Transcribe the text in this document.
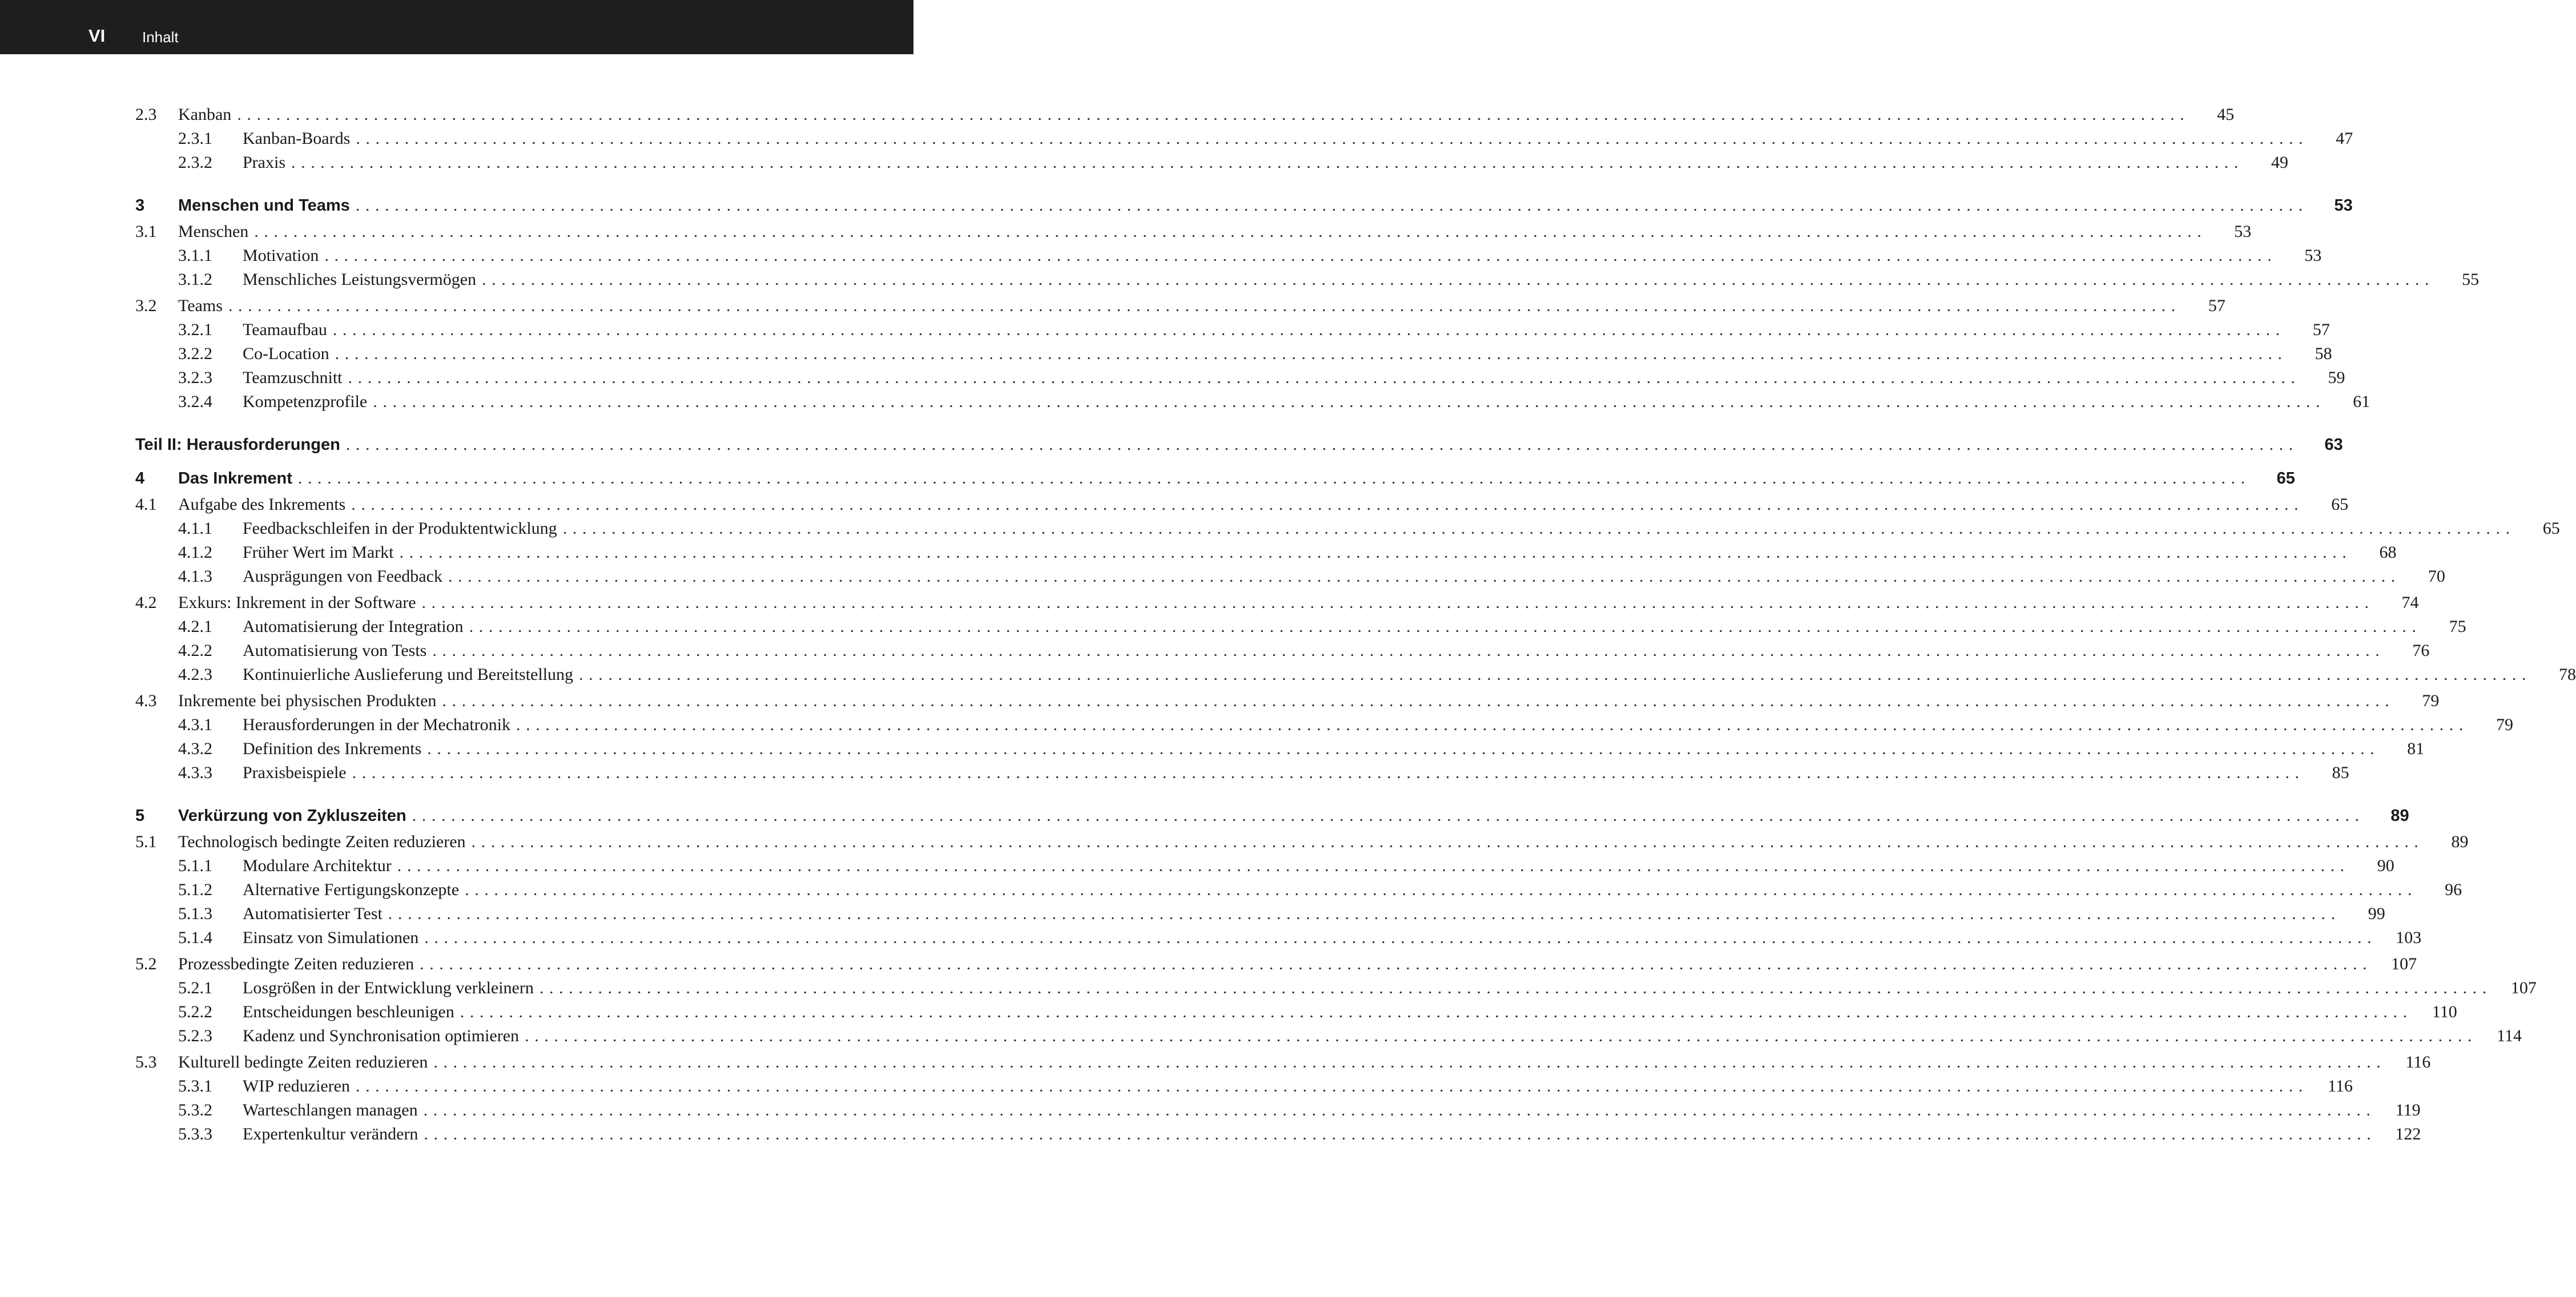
VI Inhalt
2.3	Kanban ........................................................................................................................................................................................................	45
2.3.1	Kanban-Boards ........................................................................................................................................................................................................	47
2.3.2	Praxis ........................................................................................................................................................................................................	49
3	Menschen und Teams ........................................................................................................................................................................................................	53
3.1	Menschen ........................................................................................................................................................................................................	53
3.1.1	Motivation ........................................................................................................................................................................................................	53
3.1.2	Menschliches Leistungsvermögen ........................................................................................................................................................................................................	55
3.2	Teams ........................................................................................................................................................................................................	57
3.2.1	Teamaufbau ........................................................................................................................................................................................................	57
3.2.2	Co-Location ........................................................................................................................................................................................................	58
3.2.3	Teamzuschnitt ........................................................................................................................................................................................................	59
3.2.4	Kompetenzprofile ........................................................................................................................................................................................................	61
Teil II: Herausforderungen ........................................................................................................................................................................................................	63
4	Das Inkrement ........................................................................................................................................................................................................	65
4.1	Aufgabe des Inkrements ........................................................................................................................................................................................................	65
4.1.1	Feedbackschleifen in der Produktentwicklung ........................................................................................................................................................................................................	65
4.1.2	Früher Wert im Markt ........................................................................................................................................................................................................	68
4.1.3	Ausprägungen von Feedback ........................................................................................................................................................................................................	70
4.2	Exkurs: Inkrement in der Software ........................................................................................................................................................................................................	74
4.2.1	Automatisierung der Integration ........................................................................................................................................................................................................	75
4.2.2	Automatisierung von Tests ........................................................................................................................................................................................................	76
4.2.3	Kontinuierliche Auslieferung und Bereitstellung ........................................................................................................................................................................................................	78
4.3	Inkremente bei physischen Produkten ........................................................................................................................................................................................................	79
4.3.1	Herausforderungen in der Mechatronik ........................................................................................................................................................................................................	79
4.3.2	Definition des Inkrements ........................................................................................................................................................................................................	81
4.3.3	Praxisbeispiele ........................................................................................................................................................................................................	85
5	Verkürzung von Zykluszeiten ........................................................................................................................................................................................................	89
5.1	Technologisch bedingte Zeiten reduzieren ........................................................................................................................................................................................................	89
5.1.1	Modulare Architektur ........................................................................................................................................................................................................	90
5.1.2	Alternative Fertigungskonzepte ........................................................................................................................................................................................................	96
5.1.3	Automatisierter Test ........................................................................................................................................................................................................	99
5.1.4	Einsatz von Simulationen ........................................................................................................................................................................................................	103
5.2	Prozessbedingte Zeiten reduzieren ........................................................................................................................................................................................................	107
5.2.1	Losgrößen in der Entwicklung verkleinern ........................................................................................................................................................................................................	107
5.2.2	Entscheidungen beschleunigen ........................................................................................................................................................................................................	110
5.2.3	Kadenz und Synchronisation optimieren ........................................................................................................................................................................................................	114
5.3	Kulturell bedingte Zeiten reduzieren ........................................................................................................................................................................................................	116
5.3.1	WIP reduzieren ........................................................................................................................................................................................................	116
5.3.2	Warteschlangen managen ........................................................................................................................................................................................................	119
5.3.3	Expertenkultur verändern ........................................................................................................................................................................................................	122
